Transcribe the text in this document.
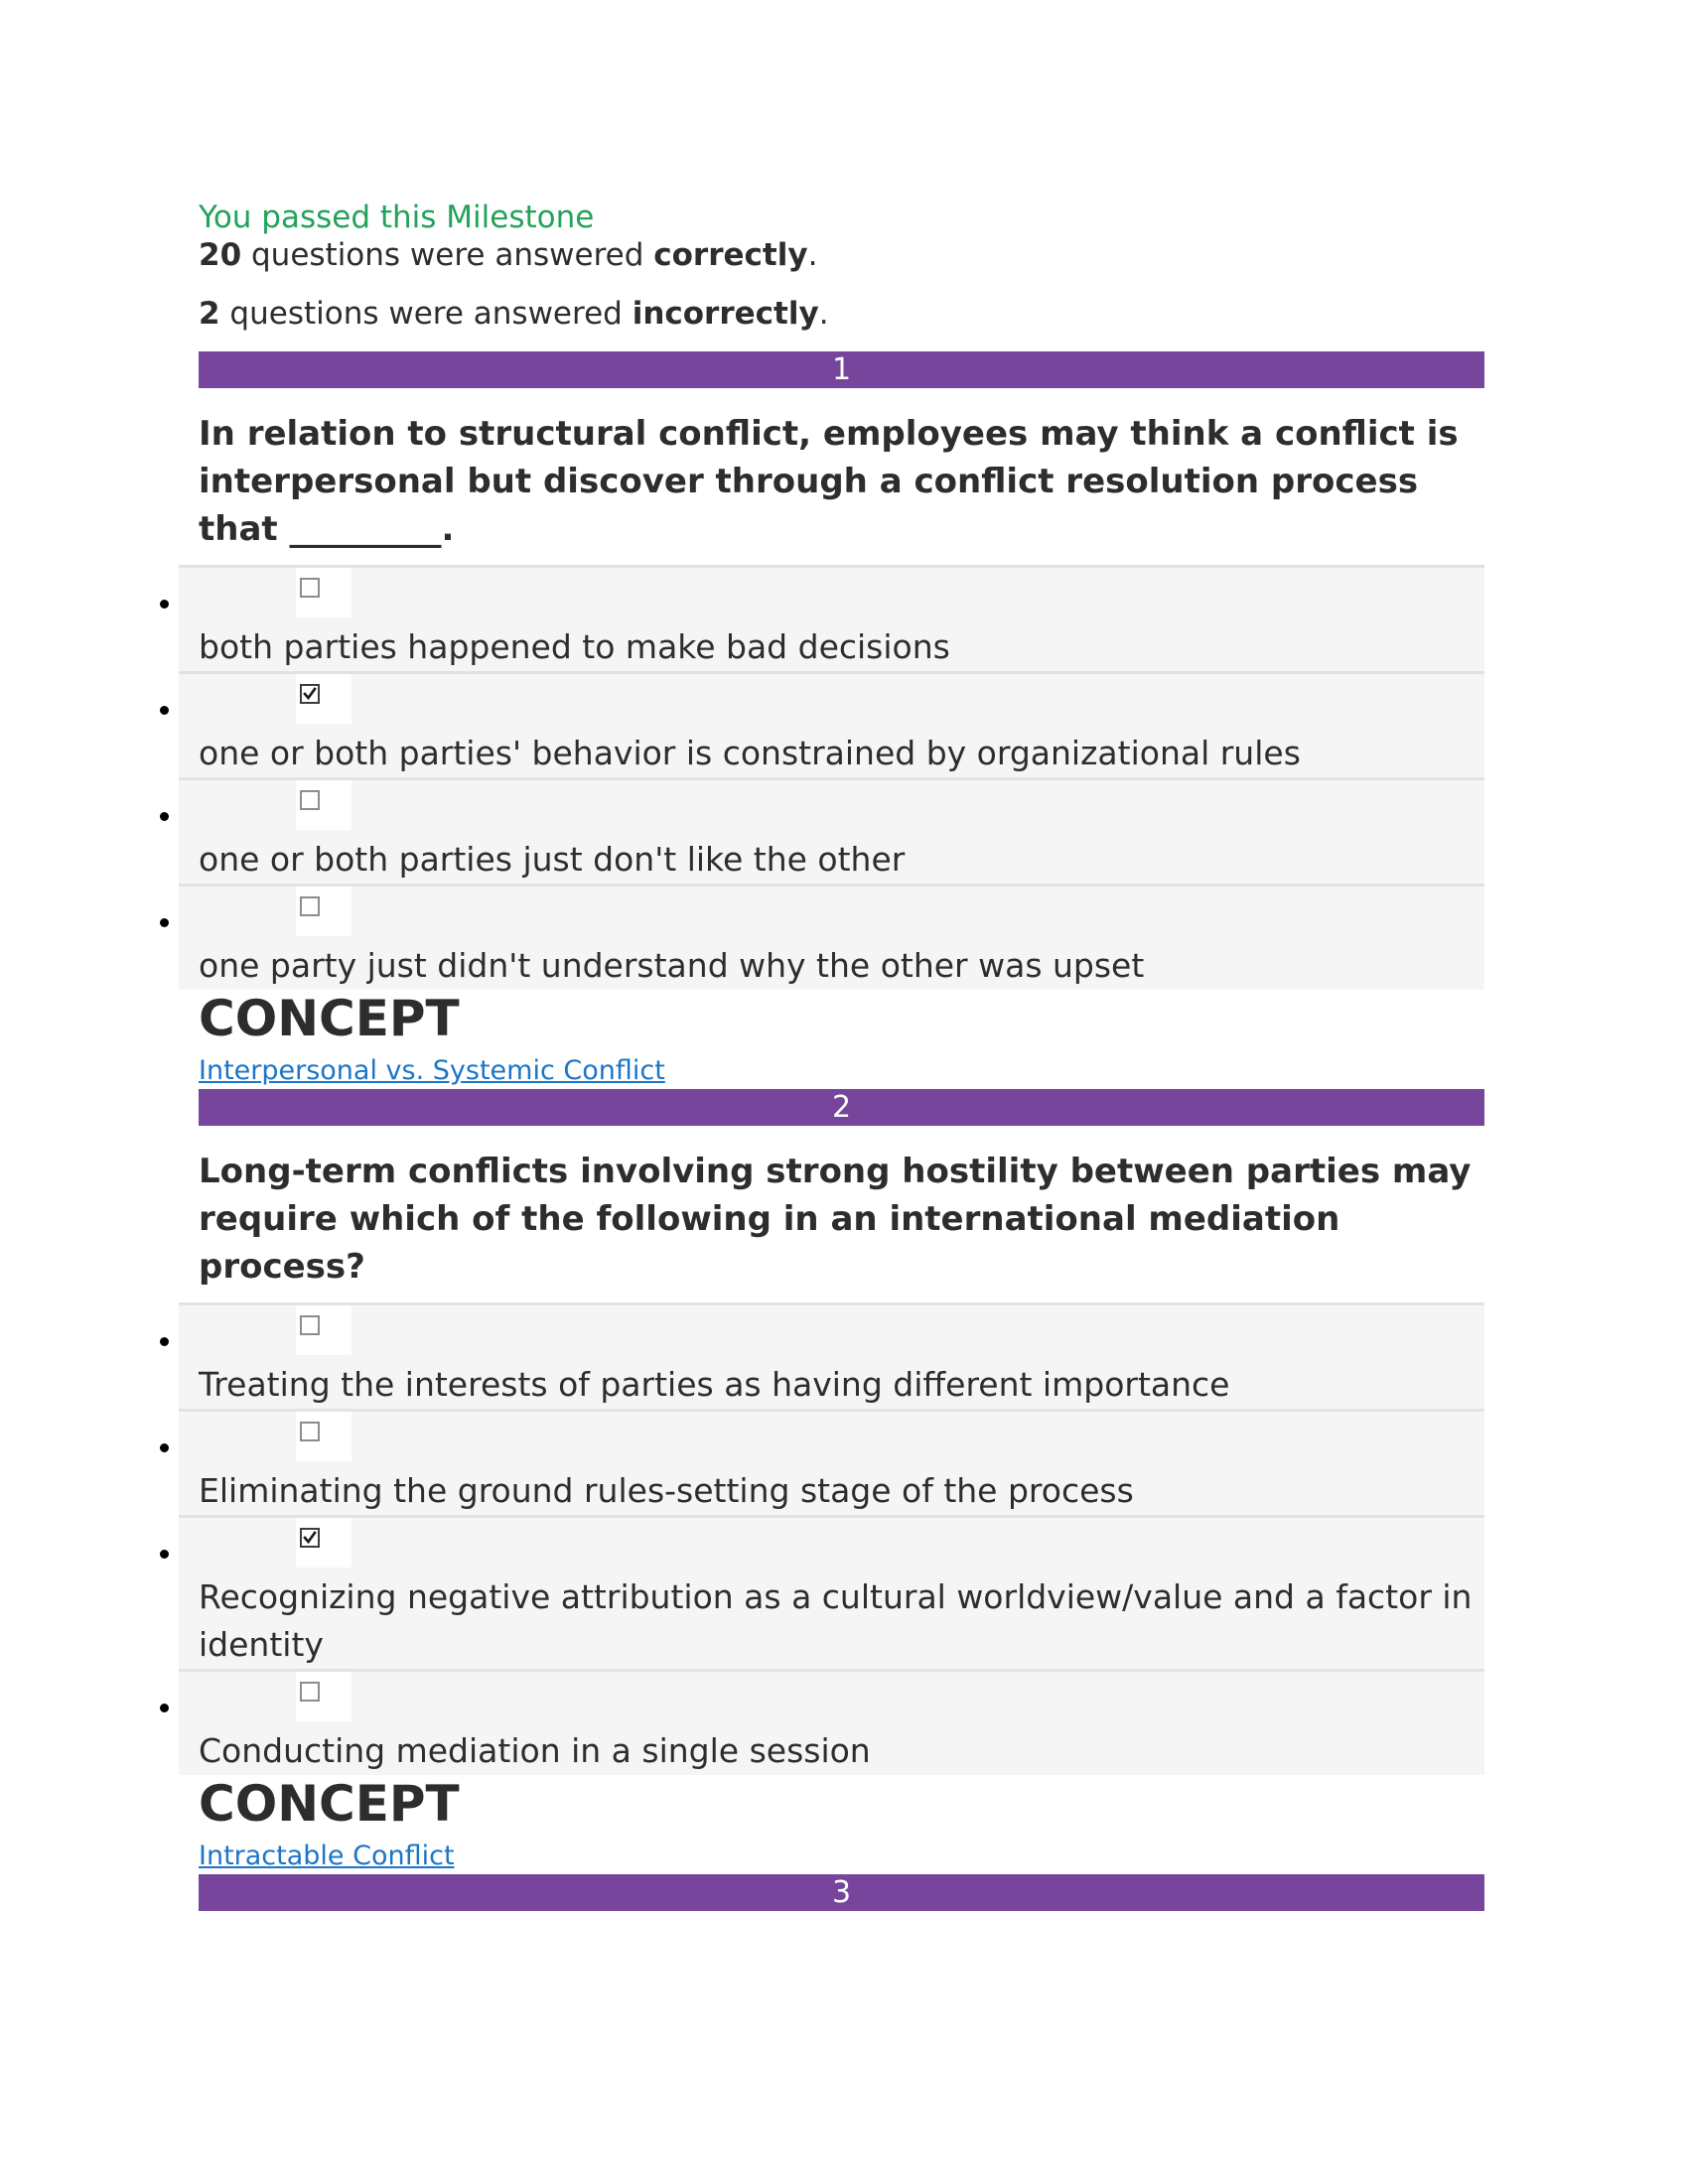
You passed this Milestone

20 questions were answered correctly.

2 questions were answered incorrectly.

1

In relation to structural conflict, employees may think a conflict is interpersonal but discover through a conflict resolution process that _________.

both parties happened to make bad decisions

one or both parties' behavior is constrained by organizational rules

one or both parties just don't like the other

one party just didn't understand why the other was upset

CONCEPT
Interpersonal vs. Systemic Conflict
2

Long-term conflicts involving strong hostility between parties may require which of the following in an international mediation process?

Treating the interests of parties as having different importance

Eliminating the ground rules-setting stage of the process

Recognizing negative attribution as a cultural worldview/value and a factor in identity

Conducting mediation in a single session

CONCEPT
Intractable Conflict
3
